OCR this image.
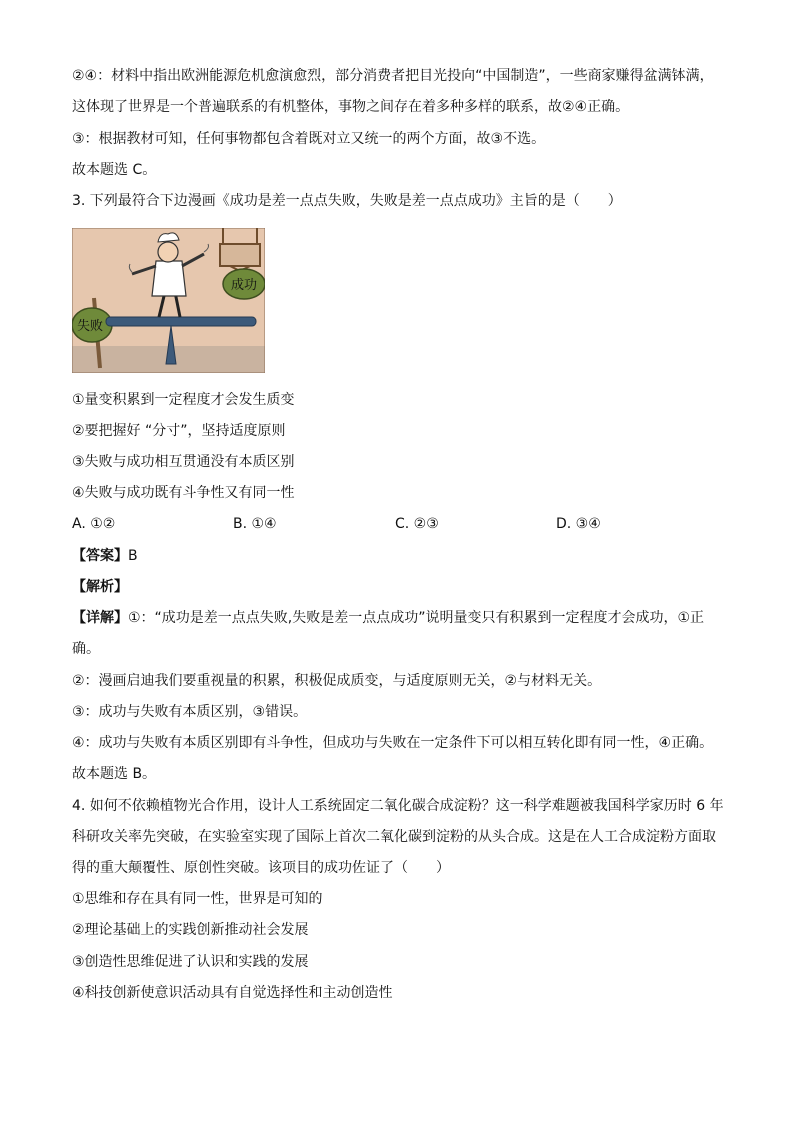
②④：材料中指出欧洲能源危机愈演愈烈，部分消费者把目光投向“中国制造”，一些商家赚得盆满钵满，
这体现了世界是一个普遍联系的有机整体，事物之间存在着多种多样的联系，故②④正确。
③：根据教材可知，任何事物都包含着既对立又统一的两个方面，故③不选。
故本题选 C。
3. 下列最符合下边漫画《成功是差一点点失败，失败是差一点点成功》主旨的是（　　）
成功
失败
①量变积累到一定程度才会发生质变
②要把握好 “分寸”，坚持适度原则
③失败与成功相互贯通没有本质区别
④失败与成功既有斗争性又有同一性
A. ①②	B. ①④	C. ②③	D. ③④
【答案】B
【解析】
【详解】①：“成功是差一点点失败,失败是差一点点成功”说明量变只有积累到一定程度才会成功，①正
确。
②：漫画启迪我们要重视量的积累，积极促成质变，与适度原则无关，②与材料无关。
③：成功与失败有本质区别，③错误。
④：成功与失败有本质区别即有斗争性，但成功与失败在一定条件下可以相互转化即有同一性，④正确。
故本题选 B。
4. 如何不依赖植物光合作用，设计人工系统固定二氧化碳合成淀粉？这一科学难题被我国科学家历时 6 年
科研攻关率先突破，在实验室实现了国际上首次二氧化碳到淀粉的从头合成。这是在人工合成淀粉方面取
得的重大颠覆性、原创性突破。该项目的成功佐证了（　　）
①思维和存在具有同一性，世界是可知的
②理论基础上的实践创新推动社会发展
③创造性思维促进了认识和实践的发展
④科技创新使意识活动具有自觉选择性和主动创造性
